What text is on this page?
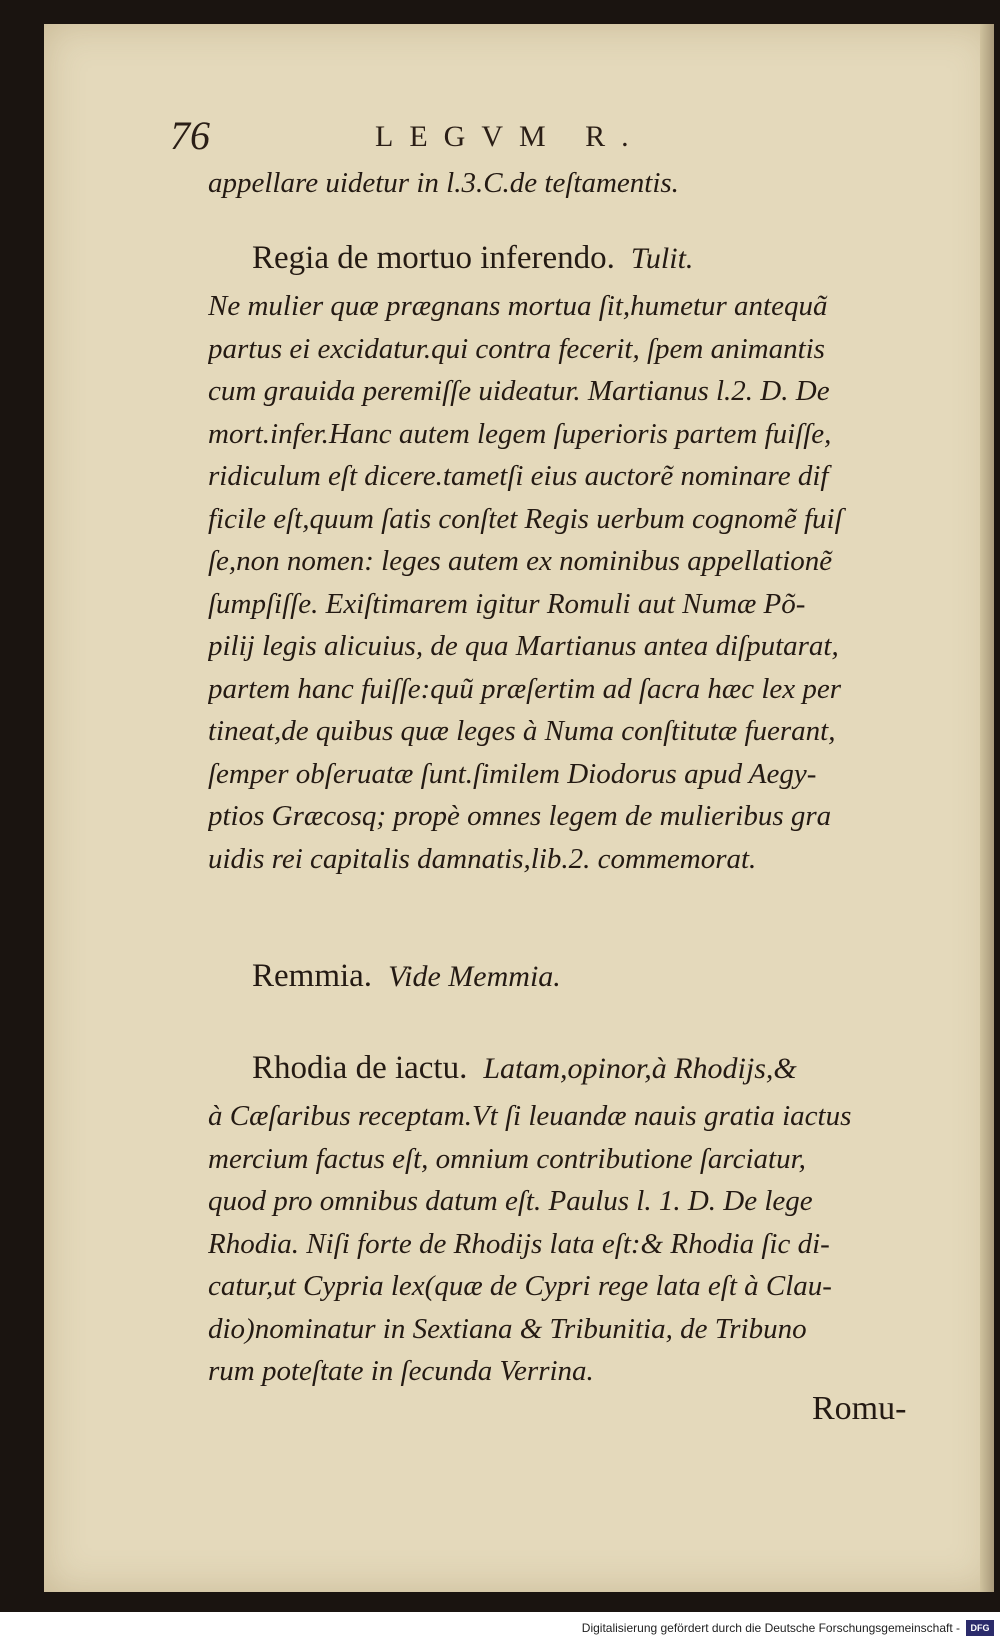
76	LEGVM R.
appellare uidetur in l.3.C.de teſtamentis.
Regia de mortuo inferendo. Tulit.
Ne mulier quæ prægnans mortua ſit,humetur antequã
partus ei excidatur.qui contra fecerit, ſpem animantis
cum grauida peremiſſe uideatur. Martianus l.2. D. De
mort.infer.Hanc autem legem ſuperioris partem fuiſſe,
ridiculum eſt dicere.tametſi eius auctorẽ nominare dif
ficile eſt,quum ſatis conſtet Regis uerbum cognomẽ fuiſ
ſe,non nomen: leges autem ex nominibus appellationẽ
ſumpſiſſe. Exiſtimarem igitur Romuli aut Numæ Põ-
pilij legis alicuius, de qua Martianus antea diſputarat,
partem hanc fuiſſe:quũ præſertim ad ſacra hæc lex per
tineat,de quibus quæ leges à Numa conſtitutæ fuerant,
ſemper obſeruatæ ſunt.ſimilem Diodorus apud Aegy-
ptios Græcosq; propè omnes legem de mulieribus gra
uidis rei capitalis damnatis,lib.2. commemorat.
Remmia. Vide Memmia.
Rhodia de iactu. Latam,opinor,à Rhodijs,&
à Cæſaribus receptam.Vt ſi leuandæ nauis gratia iactus
mercium factus eſt, omnium contributione ſarciatur,
quod pro omnibus datum eſt. Paulus l. 1. D. De lege
Rhodia. Niſi forte de Rhodijs lata eſt:& Rhodia ſic di-
catur,ut Cypria lex(quæ de Cypri rege lata eſt à Clau-
dio)nominatur in Sextiana & Tribunitia, de Tribuno
rum poteſtate in ſecunda Verrina.
Romu-
Digitalisierung gefördert durch die Deutsche Forschungsgemeinschaft -	DFG
